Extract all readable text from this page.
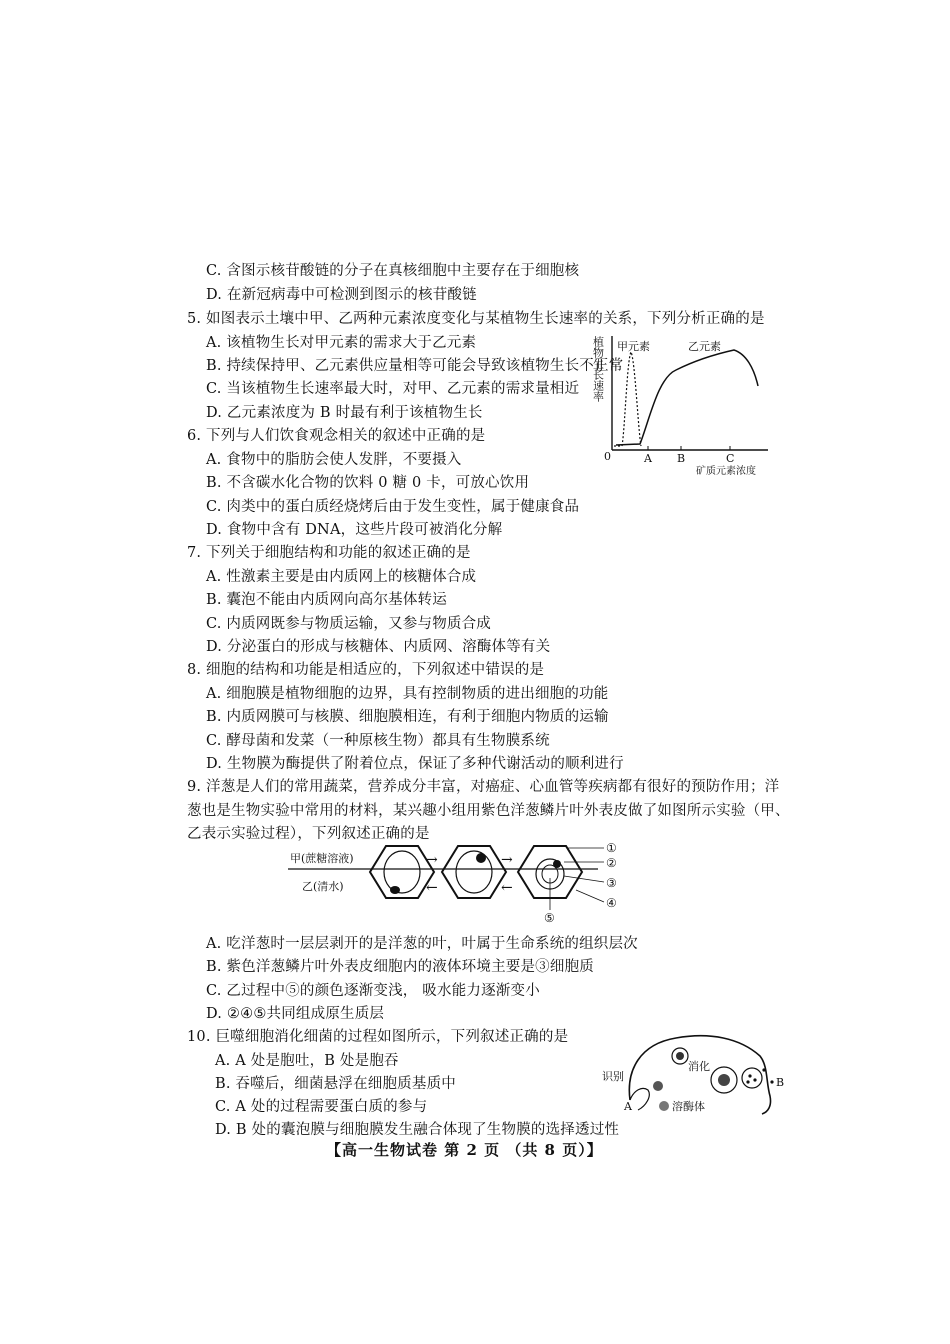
C. 含图示核苷酸链的分子在真核细胞中主要存在于细胞核
D. 在新冠病毒中可检测到图示的核苷酸链
5. 如图表示土壤中甲、乙两种元素浓度变化与某植物生长速率的关系，下列分析正确的是
A. 该植物生长对甲元素的需求大于乙元素
B. 持续保持甲、乙元素供应量相等可能会导致该植物生长不正常
C. 当该植物生长速率最大时，对甲、乙元素的需求量相近
D. 乙元素浓度为 B 时最有利于该植物生长
6. 下列与人们饮食观念相关的叙述中正确的是
A. 食物中的脂肪会使人发胖，不要摄入
B. 不含碳水化合物的饮料 0 糖 0 卡，可放心饮用
C. 肉类中的蛋白质经烧烤后由于发生变性，属于健康食品
D. 食物中含有 DNA，这些片段可被消化分解
7. 下列关于细胞结构和功能的叙述正确的是
A. 性激素主要是由内质网上的核糖体合成
B. 囊泡不能由内质网向高尔基体转运
C. 内质网既参与物质运输，又参与物质合成
D. 分泌蛋白的形成与核糖体、内质网、溶酶体等有关
8. 细胞的结构和功能是相适应的，下列叙述中错误的是
A. 细胞膜是植物细胞的边界，具有控制物质的进出细胞的功能
B. 内质网膜可与核膜、细胞膜相连，有利于细胞内物质的运输
C. 酵母菌和发菜（一种原核生物）都具有生物膜系统
D. 生物膜为酶提供了附着位点，保证了多种代谢活动的顺利进行
9. 洋葱是人们的常用蔬菜，营养成分丰富，对癌症、心血管等疾病都有很好的预防作用；洋
葱也是生物实验中常用的材料，某兴趣小组用紫色洋葱鳞片叶外表皮做了如图所示实验（甲、
乙表示实验过程），下列叙述正确的是
A. 吃洋葱时一层层剥开的是洋葱的叶，叶属于生命系统的组织层次
B. 紫色洋葱鳞片叶外表皮细胞内的液体环境主要是③细胞质
C. 乙过程中⑤的颜色逐渐变浅， 吸水能力逐渐变小
D. ②④⑤共同组成原生质层
10. 巨噬细胞消化细菌的过程如图所示，下列叙述正确的是
A. A 处是胞吐，B 处是胞吞
B. 吞噬后，细菌悬浮在细胞质基质中
C. A 处的过程需要蛋白质的参与
D. B 处的囊泡膜与细胞膜发生融合体现了生物膜的选择透过性
【高一生物试卷 第 2 页 （共 8 页）】
植物生长速率
0
甲元素	乙元素
A B	C
矿质元素浓度
甲(蔗糖溶液)
乙(清水)
→	→
←	←
①
②
③
④
⑤
识别
消化
溶酶体
A
B
